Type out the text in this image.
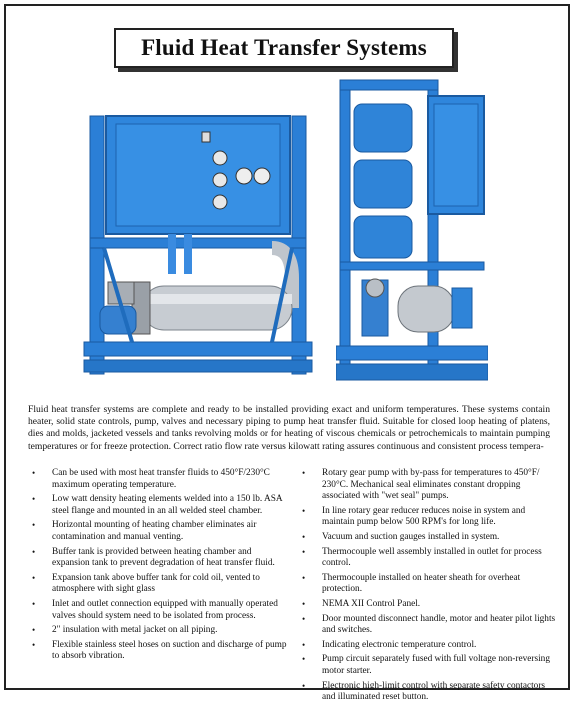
Fluid Heat Transfer Systems
Fluid heat transfer systems are complete and ready to be installed providing exact and uniform temperatures. These systems contain heater, solid state controls, pump, valves and necessary piping to pump heat transfer fluid. Suitable for closed loop heating of platens, dies and molds, jacketed vessels and tanks revolving molds or for heating of viscous chemicals or petrochemicals to maintain pumping temperatures or for freeze protection. Correct ratio flow rate versus kilowatt rating assures continuous and consistent process tempera-
• Can be used with most heat transfer fluids to 450°F/230°C maximum operating temperature.
• Low watt density heating elements welded into a 150 lb. ASA steel flange and mounted in an all welded steel chamber.
• Horizontal mounting of heating chamber eliminates air contamination and manual venting.
• Buffer tank is provided between heating chamber and expansion tank to prevent degradation of heat transfer fluid.
• Expansion tank above buffer tank for cold oil, vented to atmosphere with sight glass
• Inlet and outlet connection equipped with manually operated valves should system need to be isolated from process.
• 2" insulation with metal jacket on all piping.
• Flexible stainless steel hoses on suction and discharge of pump to absorb vibration.
• Rotary gear pump with by-pass for temperatures to 450°F/ 230°C. Mechanical seal eliminates constant dropping associated with "wet seal" pumps.
• In line rotary gear reducer reduces noise in system and maintain pump below 500 RPM's for long life.
• Vacuum and suction gauges installed in system.
• Thermocouple well assembly installed in outlet for process control.
• Thermocouple installed on heater sheath for overheat protection.
• NEMA XII Control Panel.
• Door mounted disconnect handle, motor and heater pilot lights and switches.
• Indicating electronic temperature control.
• Pump circuit separately fused with full voltage non-reversing motor starter.
• Electronic high-limit control with separate safety contactors and illuminated reset button.
